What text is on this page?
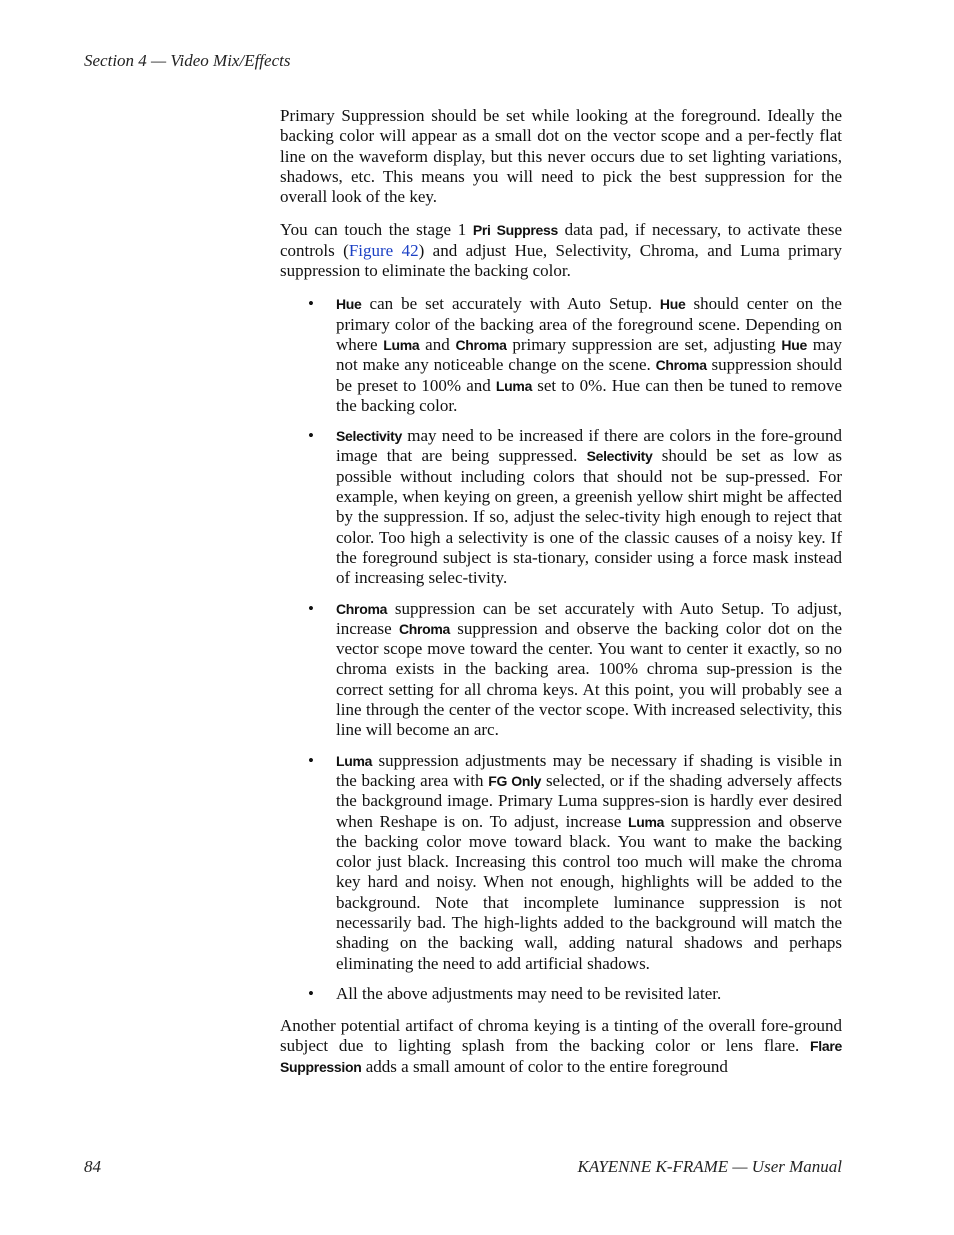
Section 4 — Video Mix/Effects

Primary Suppression should be set while looking at the foreground. Ideally the backing color will appear as a small dot on the vector scope and a per-fectly flat line on the waveform display, but this never occurs due to set lighting variations, shadows, etc. This means you will need to pick the best suppression for the overall look of the key.

You can touch the stage 1 Pri Suppress data pad, if necessary, to activate these controls (Figure 42) and adjust Hue, Selectivity, Chroma, and Luma primary suppression to eliminate the backing color.

• Hue can be set accurately with Auto Setup. Hue should center on the primary color of the backing area of the foreground scene. Depending on where Luma and Chroma primary suppression are set, adjusting Hue may not make any noticeable change on the scene. Chroma suppression should be preset to 100% and Luma set to 0%. Hue can then be tuned to remove the backing color.
• Selectivity may need to be increased if there are colors in the fore-ground image that are being suppressed. Selectivity should be set as low as possible without including colors that should not be sup-pressed. For example, when keying on green, a greenish yellow shirt might be affected by the suppression. If so, adjust the selec-tivity high enough to reject that color. Too high a selectivity is one of the classic causes of a noisy key. If the foreground subject is sta-tionary, consider using a force mask instead of increasing selec-tivity.
• Chroma suppression can be set accurately with Auto Setup. To adjust, increase Chroma suppression and observe the backing color dot on the vector scope move toward the center. You want to center it exactly, so no chroma exists in the backing area. 100% chroma sup-pression is the correct setting for all chroma keys. At this point, you will probably see a line through the center of the vector scope. With increased selectivity, this line will become an arc.
• Luma suppression adjustments may be necessary if shading is visible in the backing area with FG Only selected, or if the shading adversely affects the background image. Primary Luma suppres-sion is hardly ever desired when Reshape is on. To adjust, increase Luma suppression and observe the backing color move toward black. You want to make the backing color just black. Increasing this control too much will make the chroma key hard and noisy. When not enough, highlights will be added to the background. Note that incomplete luminance suppression is not necessarily bad. The high-lights added to the background will match the shading on the backing wall, adding natural shadows and perhaps eliminating the need to add artificial shadows.
• All the above adjustments may need to be revisited later.

Another potential artifact of chroma keying is a tinting of the overall fore-ground subject due to lighting splash from the backing color or lens flare. Flare Suppression adds a small amount of color to the entire foreground

84	KAYENNE K-FRAME — User Manual
